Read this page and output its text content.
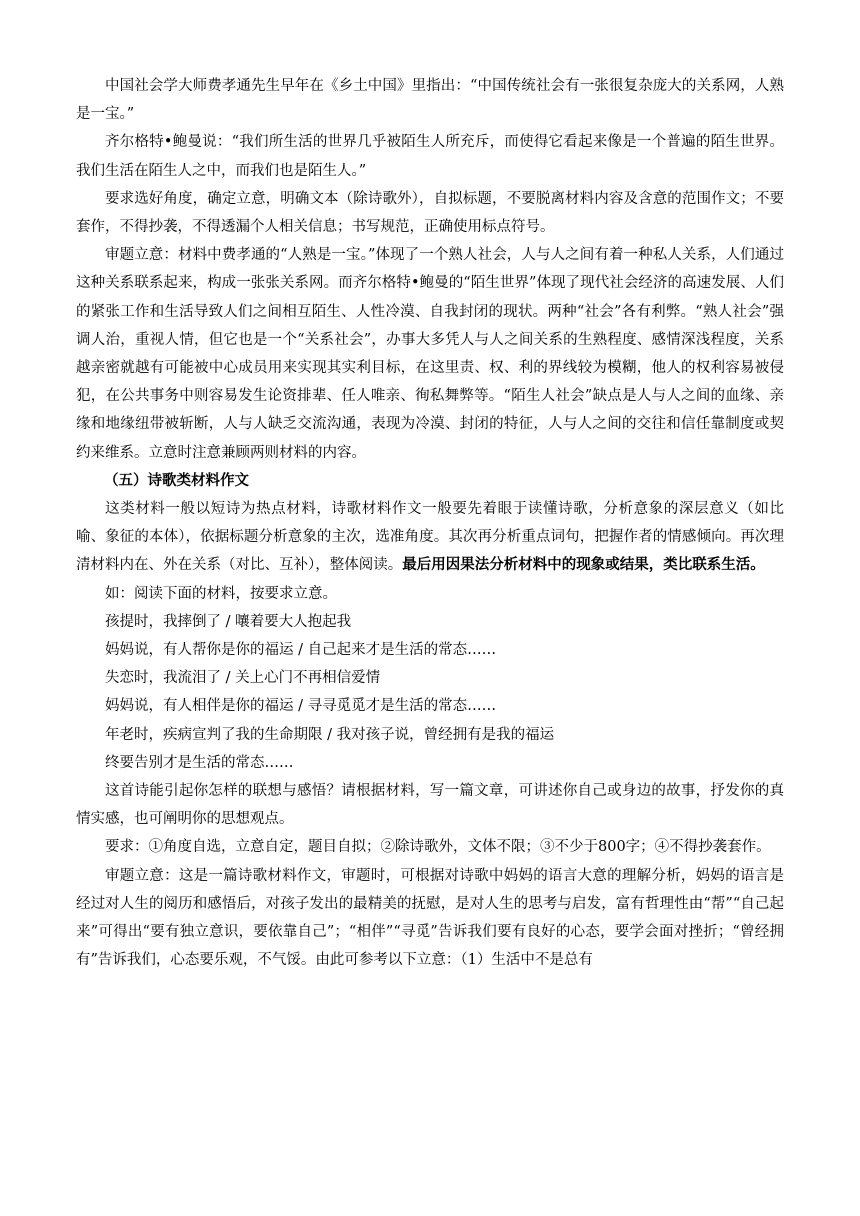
中国社会学大师费孝通先生早年在《乡土中国》里指出：“中国传统社会有一张很复杂庞大的关系网，人熟是一宝。”

齐尔格特•鲍曼说：“我们所生活的世界几乎被陌生人所充斥，而使得它看起来像是一个普遍的陌生世界。我们生活在陌生人之中，而我们也是陌生人。”

要求选好角度，确定立意，明确文本（除诗歌外），自拟标题，不要脱离材料内容及含意的范围作文；不要套作，不得抄袭，不得透漏个人相关信息；书写规范，正确使用标点符号。

审题立意：材料中费孝通的“人熟是一宝。”体现了一个熟人社会，人与人之间有着一种私人关系，人们通过这种关系联系起来，构成一张张关系网。而齐尔格特•鲍曼的“陌生世界”体现了现代社会经济的高速发展、人们的紧张工作和生活导致人们之间相互陌生、人性冷漠、自我封闭的现状。两种“社会”各有利弊。“熟人社会”强调人治，重视人情，但它也是一个“关系社会”，办事大多凭人与人之间关系的生熟程度、感情深浅程度，关系越亲密就越有可能被中心成员用来实现其实利目标，在这里责、权、利的界线较为模糊，他人的权利容易被侵犯，在公共事务中则容易发生论资排辈、任人唯亲、徇私舞弊等。“陌生人社会”缺点是人与人之间的血缘、亲缘和地缘纽带被斩断，人与人缺乏交流沟通，表现为冷漠、封闭的特征，人与人之间的交往和信任靠制度或契约来维系。立意时注意兼顾两则材料的内容。

（五）诗歌类材料作文

这类材料一般以短诗为热点材料，诗歌材料作文一般要先着眼于读懂诗歌，分析意象的深层意义（如比喻、象征的本体），依据标题分析意象的主次，选准角度。其次再分析重点词句，把握作者的情感倾向。再次理清材料内在、外在关系（对比、互补），整体阅读。最后用因果法分析材料中的现象或结果，类比联系生活。

如：阅读下面的材料，按要求立意。

孩提时，我摔倒了 / 嚷着要大人抱起我

妈妈说，有人帮你是你的福运 / 自己起来才是生活的常态……

失恋时，我流泪了 / 关上心门不再相信爱情

妈妈说，有人相伴是你的福运 / 寻寻觅觅才是生活的常态……

年老时，疾病宣判了我的生命期限 / 我对孩子说，曾经拥有是我的福运

终要告别才是生活的常态……

这首诗能引起你怎样的联想与感悟？请根据材料，写一篇文章，可讲述你自己或身边的故事，抒发你的真情实感，也可阐明你的思想观点。

要求：①角度自选，立意自定，题目自拟；②除诗歌外，文体不限；③不少于800字；④不得抄袭套作。

审题立意：这是一篇诗歌材料作文，审题时，可根据对诗歌中妈妈的语言大意的理解分析，妈妈的语言是经过对人生的阅历和感悟后，对孩子发出的最精美的抚慰，是对人生的思考与启发，富有哲理性由“帮”“自己起来”可得出“要有独立意识，要依靠自己”；“相伴”“寻觅”告诉我们要有良好的心态，要学会面对挫折；“曾经拥有”告诉我们，心态要乐观，不气馁。由此可参考以下立意：（1）生活中不是总有
